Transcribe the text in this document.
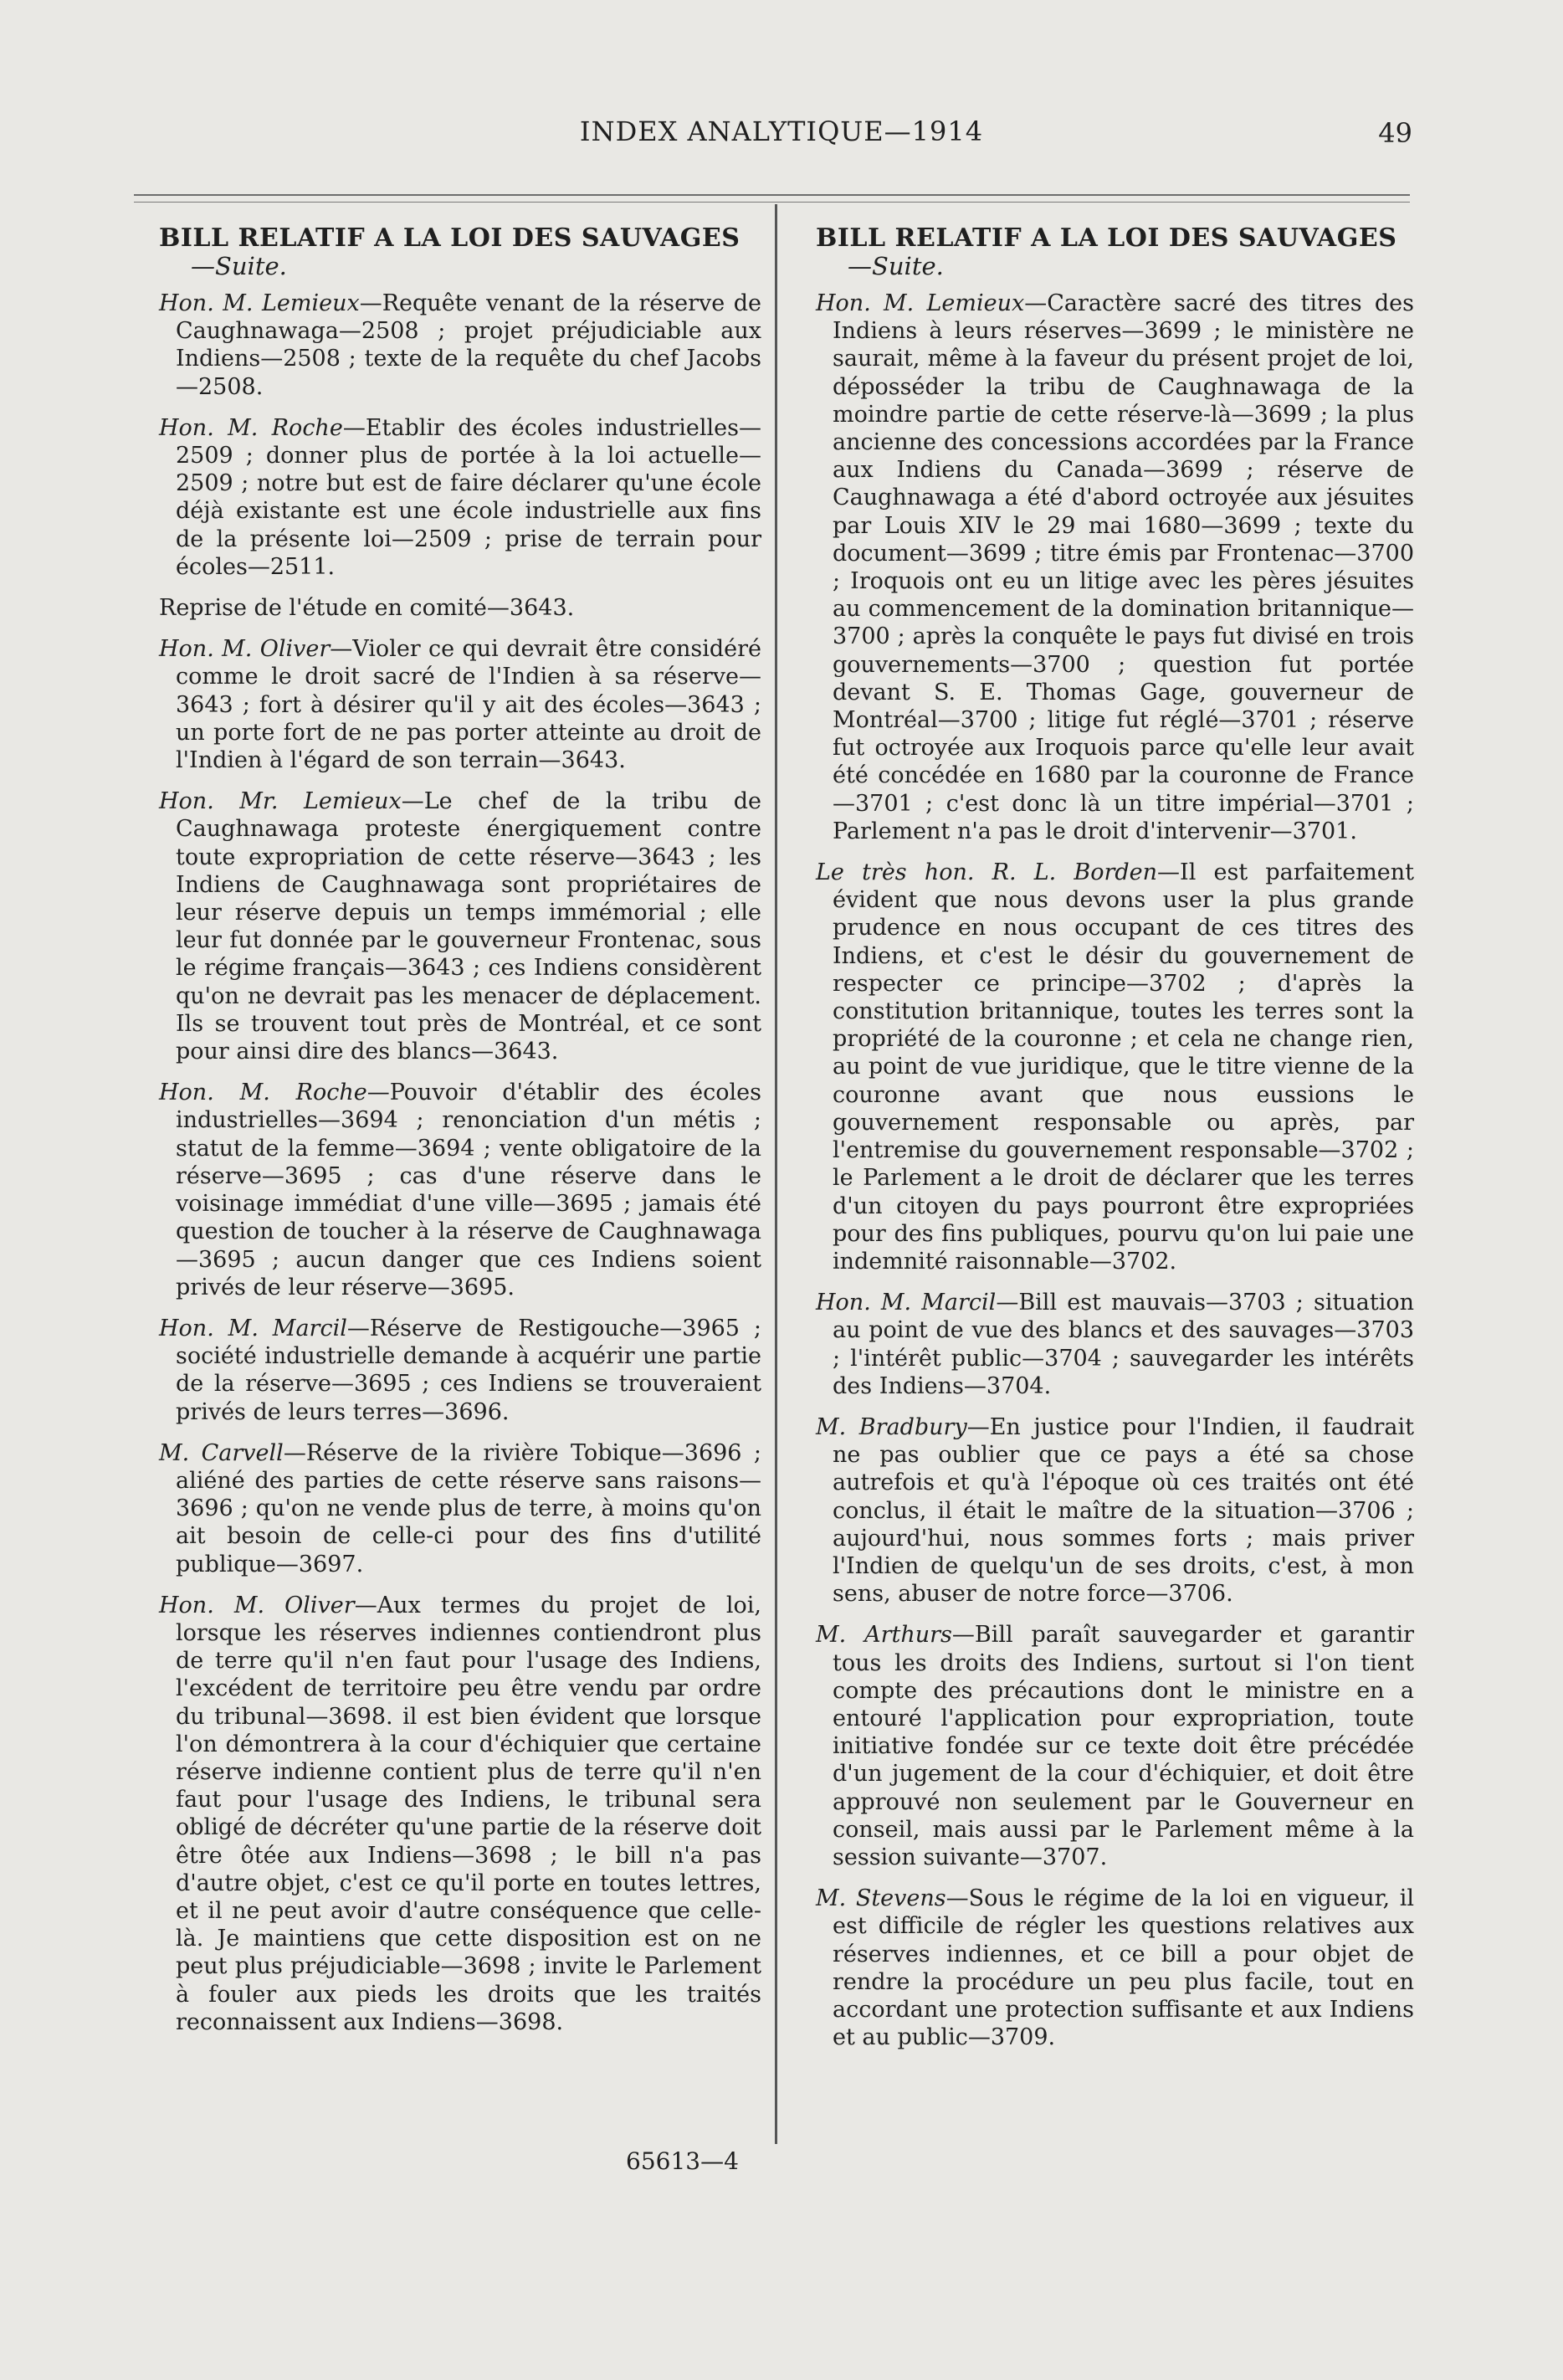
INDEX ANALYTIQUE—1914	49

BILL RELATIF A LA LOI DES SAUVAGES

—Suite.

Hon. M. Lemieux—Requête venant de la réserve de Caughnawaga—2508 ; projet préjudiciable aux Indiens—2508 ; texte de la requête du chef Jacobs—2508.

Hon. M. Roche—Etablir des écoles industrielles—2509 ; donner plus de portée à la loi actuelle—2509 ; notre but est de faire déclarer qu'une école déjà existante est une école industrielle aux fins de la présente loi—2509 ; prise de terrain pour écoles—2511.

Reprise de l'étude en comité—3643.

Hon. M. Oliver—Violer ce qui devrait être considéré comme le droit sacré de l'Indien à sa réserve—3643 ; fort à désirer qu'il y ait des écoles—3643 ; un porte fort de ne pas porter atteinte au droit de l'Indien à l'égard de son terrain—3643.

Hon. Mr. Lemieux—Le chef de la tribu de Caughnawaga proteste énergiquement contre toute expropriation de cette réserve—3643 ; les Indiens de Caughnawaga sont propriétaires de leur réserve depuis un temps immémorial ; elle leur fut donnée par le gouverneur Frontenac, sous le régime français—3643 ; ces Indiens considèrent qu'on ne devrait pas les menacer de déplacement. Ils se trouvent tout près de Montréal, et ce sont pour ainsi dire des blancs—3643.

Hon. M. Roche—Pouvoir d'établir des écoles industrielles—3694 ; renonciation d'un métis ; statut de la femme—3694 ; vente obligatoire de la réserve—3695 ; cas d'une réserve dans le voisinage immédiat d'une ville—3695 ; jamais été question de toucher à la réserve de Caughnawaga—3695 ; aucun danger que ces Indiens soient privés de leur réserve—3695.

Hon. M. Marcil—Réserve de Restigouche—3965 ; société industrielle demande à acquérir une partie de la réserve—3695 ; ces Indiens se trouveraient privés de leurs terres—3696.

M. Carvell—Réserve de la rivière Tobique—3696 ; aliéné des parties de cette réserve sans raisons—3696 ; qu'on ne vende plus de terre, à moins qu'on ait besoin de celle-ci pour des fins d'utilité publique—3697.

Hon. M. Oliver—Aux termes du projet de loi, lorsque les réserves indiennes contiendront plus de terre qu'il n'en faut pour l'usage des Indiens, l'excédent de territoire peu être vendu par ordre du tribunal—3698. il est bien évident que lorsque l'on démontrera à la cour d'échiquier que certaine réserve indienne contient plus de terre qu'il n'en faut pour l'usage des Indiens, le tribunal sera obligé de décréter qu'une partie de la réserve doit être ôtée aux Indiens—3698 ; le bill n'a pas d'autre objet, c'est ce qu'il porte en toutes lettres, et il ne peut avoir d'autre conséquence que celle-là. Je maintiens que cette disposition est on ne peut plus préjudiciable—3698 ; invite le Parlement à fouler aux pieds les droits que les traités reconnaissent aux Indiens—3698.

BILL RELATIF A LA LOI DES SAUVAGES

—Suite.

Hon. M. Lemieux—Caractère sacré des titres des Indiens à leurs réserves—3699 ; le ministère ne saurait, même à la faveur du présent projet de loi, déposséder la tribu de Caughnawaga de la moindre partie de cette réserve-là—3699 ; la plus ancienne des concessions accordées par la France aux Indiens du Canada—3699 ; réserve de Caughnawaga a été d'abord octroyée aux jésuites par Louis XIV le 29 mai 1680—3699 ; texte du document—3699 ; titre émis par Frontenac—3700 ; Iroquois ont eu un litige avec les pères jésuites au commencement de la domination britannique—3700 ; après la conquête le pays fut divisé en trois gouvernements—3700 ; question fut portée devant S. E. Thomas Gage, gouverneur de Montréal—3700 ; litige fut réglé—3701 ; réserve fut octroyée aux Iroquois parce qu'elle leur avait été concédée en 1680 par la couronne de France—3701 ; c'est donc là un titre impérial—3701 ; Parlement n'a pas le droit d'intervenir—3701.

Le très hon. R. L. Borden—Il est parfaitement évident que nous devons user la plus grande prudence en nous occupant de ces titres des Indiens, et c'est le désir du gouvernement de respecter ce principe—3702 ; d'après la constitution britannique, toutes les terres sont la propriété de la couronne ; et cela ne change rien, au point de vue juridique, que le titre vienne de la couronne avant que nous eussions le gouvernement responsable ou après, par l'entremise du gouvernement responsable—3702 ; le Parlement a le droit de déclarer que les terres d'un citoyen du pays pourront être expropriées pour des fins publiques, pourvu qu'on lui paie une indemnité raisonnable—3702.

Hon. M. Marcil—Bill est mauvais—3703 ; situation au point de vue des blancs et des sauvages—3703 ; l'intérêt public—3704 ; sauvegarder les intérêts des Indiens—3704.

M. Bradbury—En justice pour l'Indien, il faudrait ne pas oublier que ce pays a été sa chose autrefois et qu'à l'époque où ces traités ont été conclus, il était le maître de la situation—3706 ; aujourd'hui, nous sommes forts ; mais priver l'Indien de quelqu'un de ses droits, c'est, à mon sens, abuser de notre force—3706.

M. Arthurs—Bill paraît sauvegarder et garantir tous les droits des Indiens, surtout si l'on tient compte des précautions dont le ministre en a entouré l'application pour expropriation, toute initiative fondée sur ce texte doit être précédée d'un jugement de la cour d'échiquier, et doit être approuvé non seulement par le Gouverneur en conseil, mais aussi par le Parlement même à la session suivante—3707.

M. Stevens—Sous le régime de la loi en vigueur, il est difficile de régler les questions relatives aux réserves indiennes, et ce bill a pour objet de rendre la procédure un peu plus facile, tout en accordant une protection suffisante et aux Indiens et au public—3709.

65613—4
